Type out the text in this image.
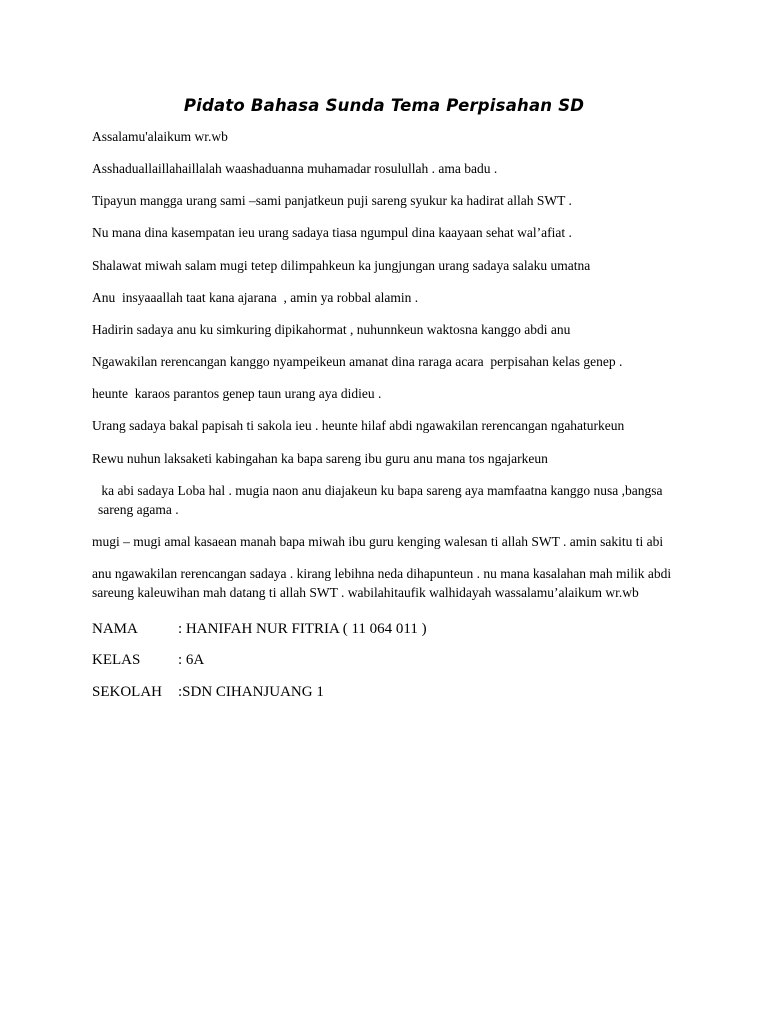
Pidato Bahasa Sunda Tema Perpisahan SD

Assalamu'alaikum wr.wb

Asshaduallaillahaillalah waashaduanna muhamadar rosulullah . ama badu .

Tipayun mangga urang sami –sami panjatkeun puji sareng syukur ka hadirat allah SWT .

Nu mana dina kasempatan ieu urang sadaya tiasa ngumpul dina kaayaan sehat wal’afiat .

Shalawat miwah salam mugi tetep dilimpahkeun ka jungjungan urang sadaya salaku umatna

Anu  insyaaallah taat kana ajarana  , amin ya robbal alamin .

Hadirin sadaya anu ku simkuring dipikahormat , nuhunnkeun waktosna kanggo abdi anu

Ngawakilan rerencangan kanggo nyampeikeun amanat dina raraga acara  perpisahan kelas genep .

heunte  karaos parantos genep taun urang aya didieu .

Urang sadaya bakal papisah ti sakola ieu . heunte hilaf abdi ngawakilan rerencangan ngahaturkeun

Rewu nuhun laksaketi kabingahan ka bapa sareng ibu guru anu mana tos ngajarkeun

ka abi sadaya Loba hal . mugia naon anu diajakeun ku bapa sareng aya mamfaatna kanggo nusa ,bangsa sareng agama .

mugi – mugi amal kasaean manah bapa miwah ibu guru kenging walesan ti allah SWT . amin sakitu ti abi

anu ngawakilan rerencangan sadaya . kirang lebihna neda dihapunteun . nu mana kasalahan mah milik abdi sareung kaleuwihan mah datang ti allah SWT . wabilahitaufik walhidayah wassalamu’alaikum wr.wb

NAMA	: HANIFAH NUR FITRIA ( 11 064 011 )
KELAS	: 6A
SEKOLAH	:SDN CIHANJUANG 1
